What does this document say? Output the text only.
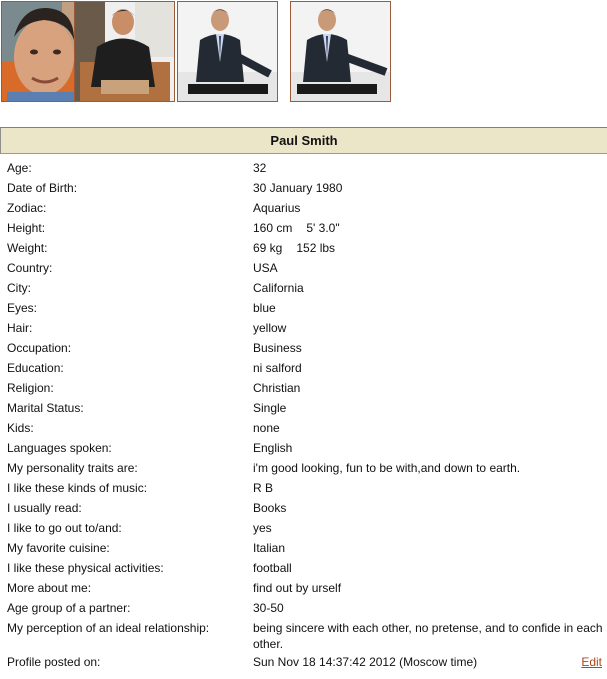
Paul Smith
Age:	32
Date of Birth:	30 January 1980
Zodiac:	Aquarius
Height:	160 cm 5' 3.0"
Weight:	69 kg 152 lbs
Country:	USA
City:	California
Eyes:	blue
Hair:	yellow
Occupation:	Business
Education:	ni salford
Religion:	Christian
Marital Status:	Single
Kids:	none
Languages spoken:	English
My personality traits are:	i'm good looking, fun to be with,and down to earth.
I like these kinds of music:	R B
I usually read:	Books
I like to go out to/and:	yes
My favorite cuisine:	Italian
I like these physical activities:	football
More about me:	find out by urself
Age group of a partner:	30-50
My perception of an ideal relationship:	being sincere with each other, no pretense, and to confide in each other.
Profile posted on:	Sun Nov 18 14:37:42 2012 (Moscow time)	Edit
